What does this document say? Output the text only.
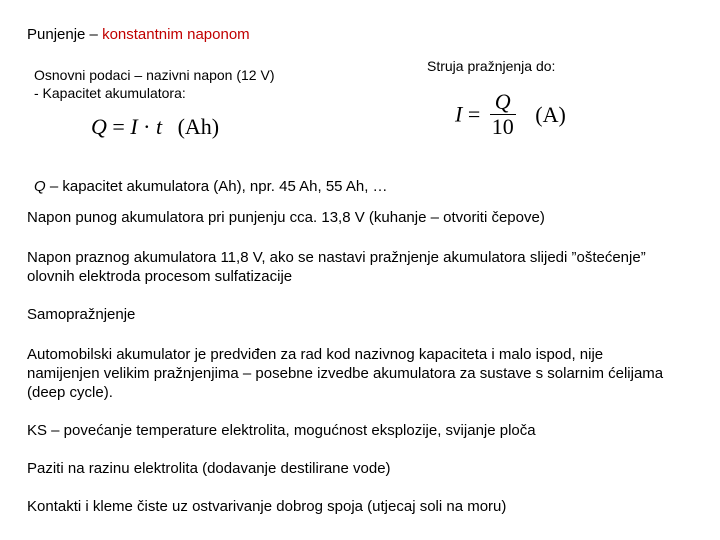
Punjenje – konstantnim naponom
Osnovni podaci – nazivni napon (12 V)
- Kapacitet akumulatora:
Struja pražnjenja do:
Q = I · t (Ah)	$I = \frac{Q}{10} (A)$
Q – kapacitet akumulatora (Ah), npr. 45 Ah, 55 Ah, …
Napon punog akumulatora pri punjenju cca. 13,8 V (kuhanje – otvoriti čepove)
Napon praznog akumulatora 11,8 V, ako se nastavi pražnjenje akumulatora slijedi ”oštećenje” olovnih elektroda procesom sulfatizacije
Samopražnjenje
Automobilski akumulator je predviđen za rad kod nazivnog kapaciteta i malo ispod, nije namijenjen velikim pražnjenjima – posebne izvedbe akumulatora za sustave s solarnim ćelijama (deep cycle).
KS – povećanje temperature elektrolita, mogućnost eksplozije, svijanje ploča
Paziti na razinu elektrolita (dodavanje destilirane vode)
Kontakti i kleme čiste uz ostvarivanje dobrog spoja (utjecaj soli na moru)
